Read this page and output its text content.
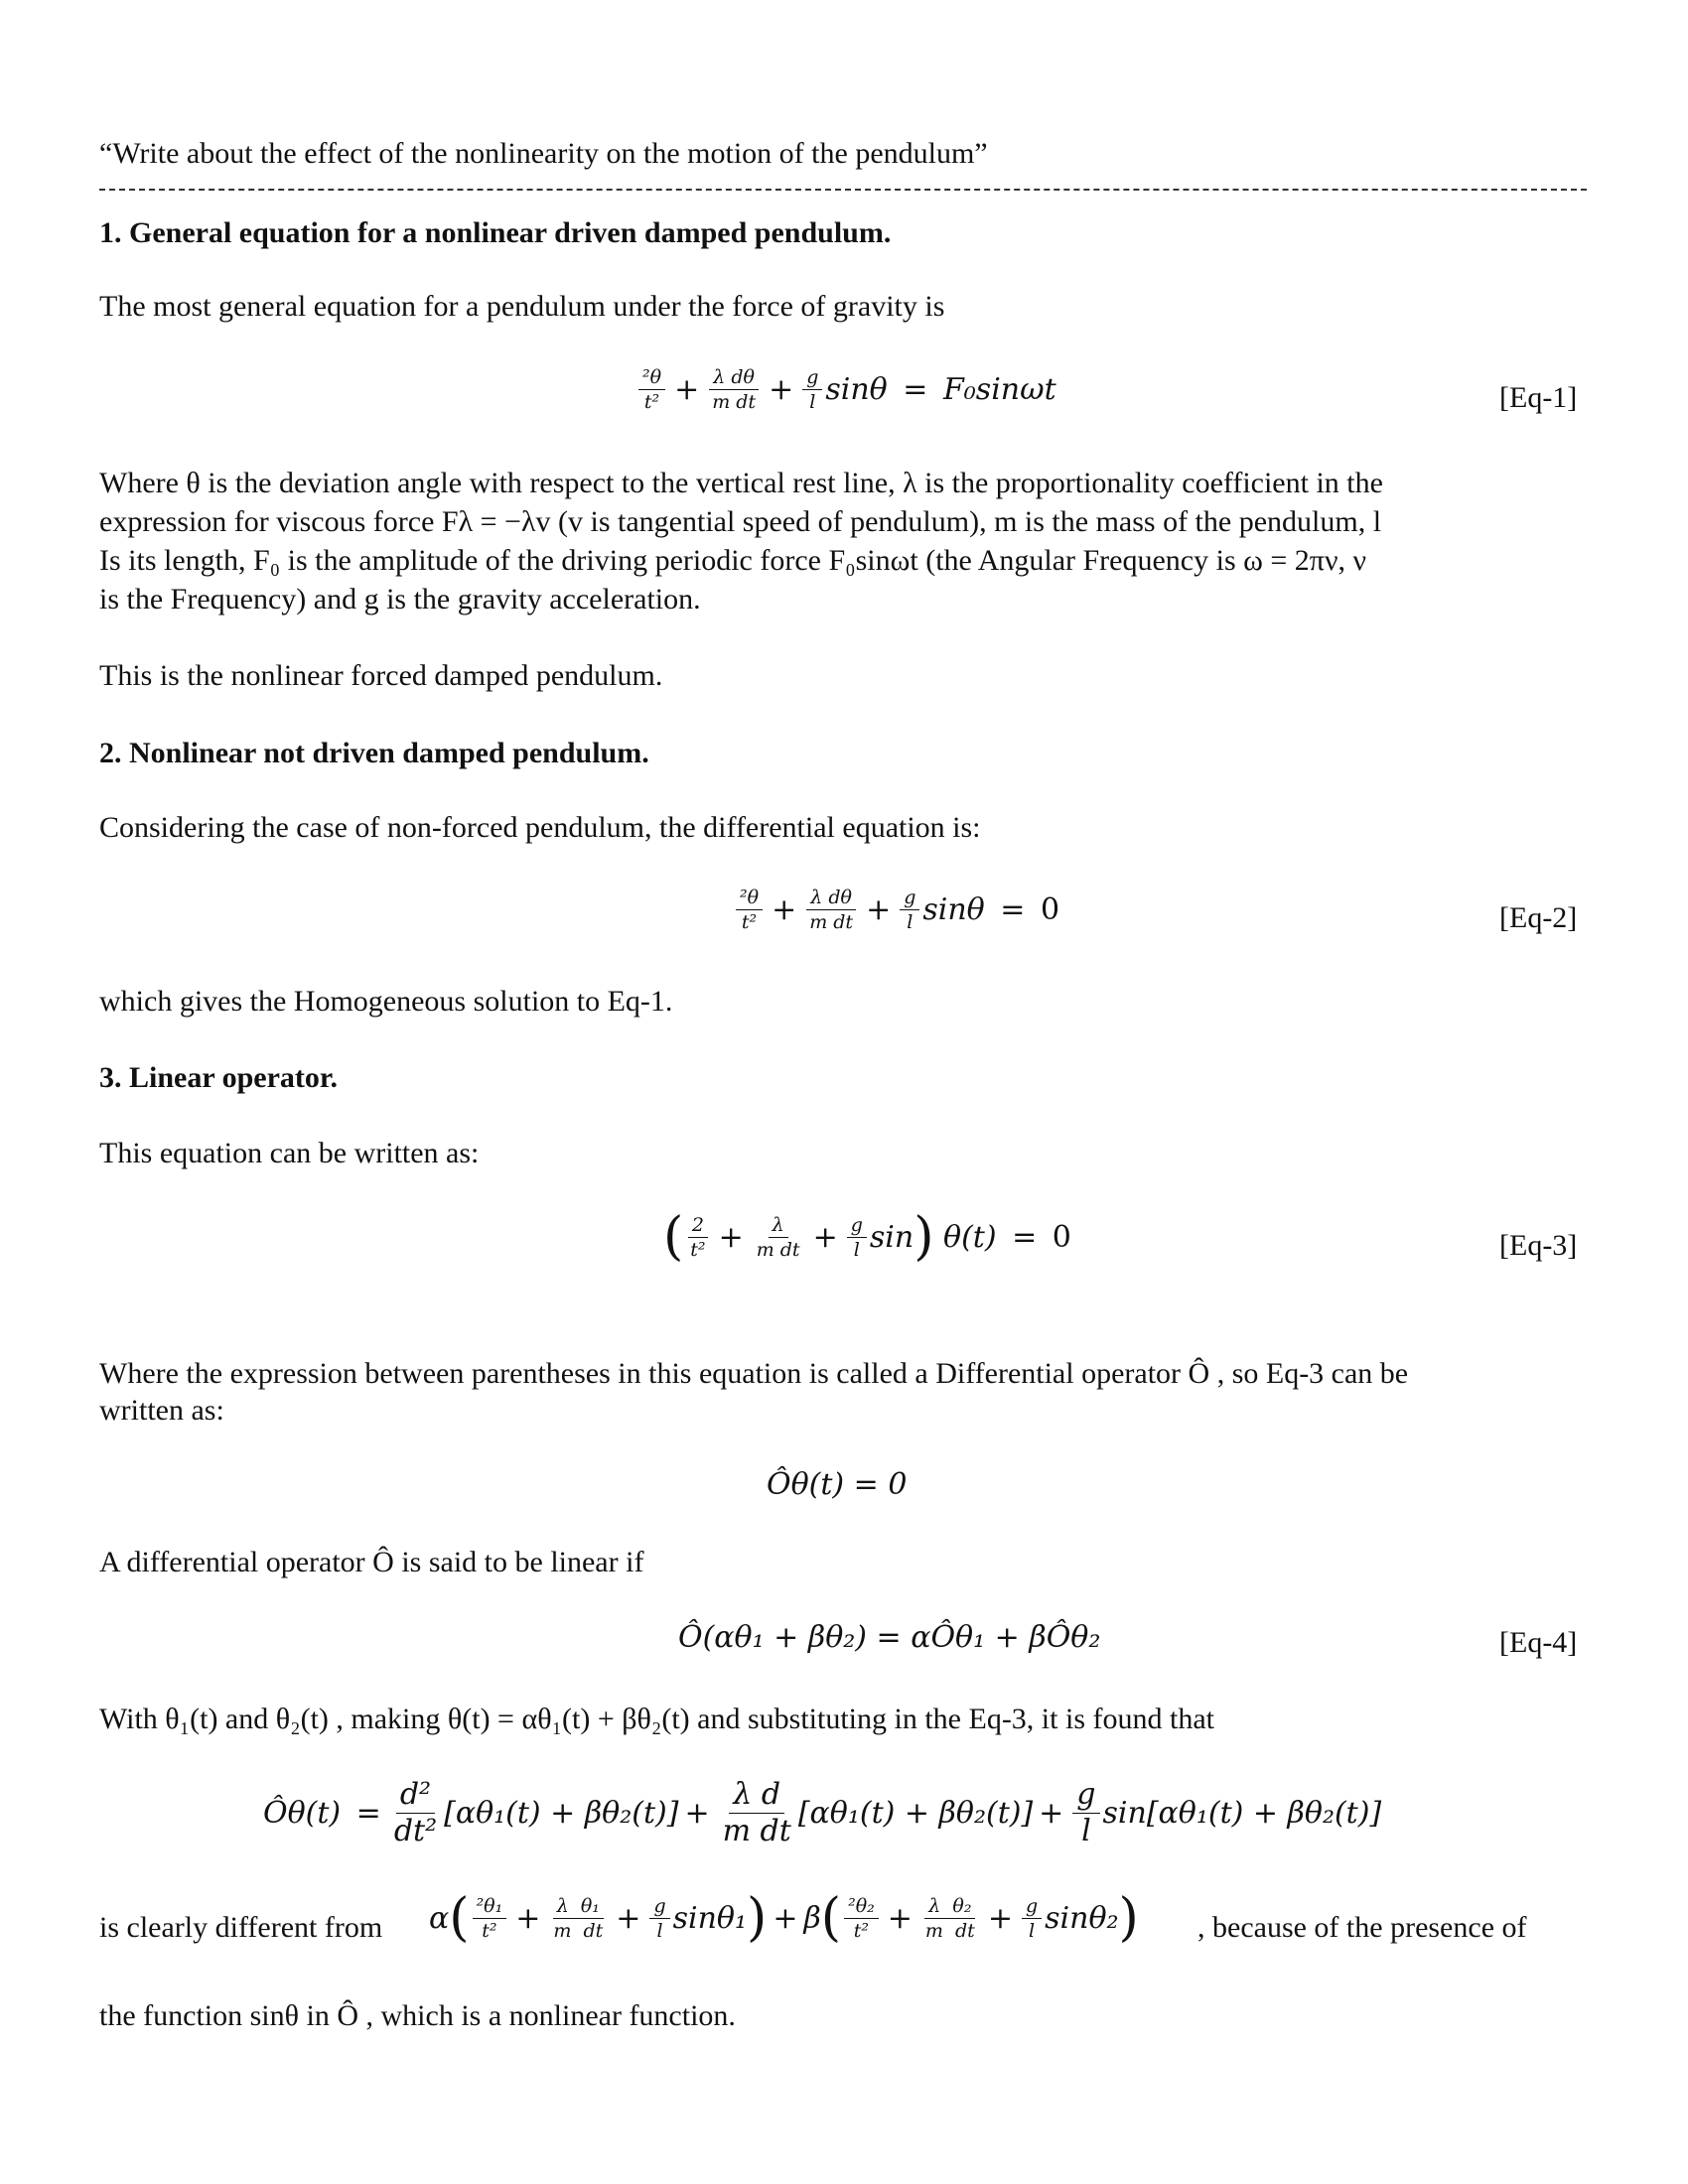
“Write about the effect of the nonlinearity on the motion of the pendulum”
1. General equation for a nonlinear driven damped pendulum.
The most general equation for a pendulum under the force of gravity is
$\frac{\text{²θ}}{\text{t²}} + \frac{\text{λ dθ}}{\text{m dt}} + \frac{g}{l}$ sinθ = F₀sinωt	[Eq-1]
Where θ is the deviation angle with respect to the vertical rest line, λ is the proportionality coefficient in the
expression for viscous force Fλ = −λv (v is tangential speed of pendulum), m is the mass of the pendulum, l
Is its length, F₀ is the amplitude of the driving periodic force F₀sinωt (the Angular Frequency is ω = 2πν, ν
is the Frequency) and g is the gravity acceleration.
This is the nonlinear forced damped pendulum.
2. Nonlinear not driven damped pendulum.
Considering the case of non-forced pendulum, the differential equation is:
$\frac{\text{²θ}}{\text{t²}} + \frac{\text{λ dθ}}{\text{m dt}} + \frac{g}{l}$ sinθ = 0	[Eq-2]
which gives the Homogeneous solution to Eq-1.
3. Linear operator.
This equation can be written as:
( $\frac{2}{\text{t²}} + \frac{\lambda}{\text{m dt}} + \frac{g}{l}$ sin ) θ(t) = 0	[Eq-3]
Where the expression between parentheses in this equation is called a Differential operator Ô , so Eq-3 can be
written as:
Ôθ(t) = 0
A differential operator Ô is said to be linear if
Ô(αθ₁ + βθ₂) = αÔθ₁ + βÔθ₂	[Eq-4]
With θ₁(t) and θ₂(t) , making θ(t) = αθ₁(t) + βθ₂(t) and substituting in the Eq-3, it is found that
Ôθ(t) = $\frac{\text{d²}}{\text{dt²}} [\alpha\theta_1(t) + \beta\theta_2(t)] + \frac{\text{λ d}}{\text{m dt}} [\alpha\theta_1(t) + \beta\theta_2(t)] + \frac{g}{l} \sin[\alpha\theta_1(t) + \beta\theta_2(t)]$
is clearly different from α ( $\frac{\text{²θ₁}}{\text{t²}} + \frac{\text{λ  θ₁}}{\text{m  dt}} + \frac{g}{l} \sin\theta_1$ ) + β ( $\frac{\text{²θ₂}}{\text{t²}} + \frac{\text{λ  θ₂}}{\text{m  dt}} + \frac{g}{l} \sin\theta_2$ ) , because of the presence of
the function sinθ in Ô , which is a nonlinear function.
